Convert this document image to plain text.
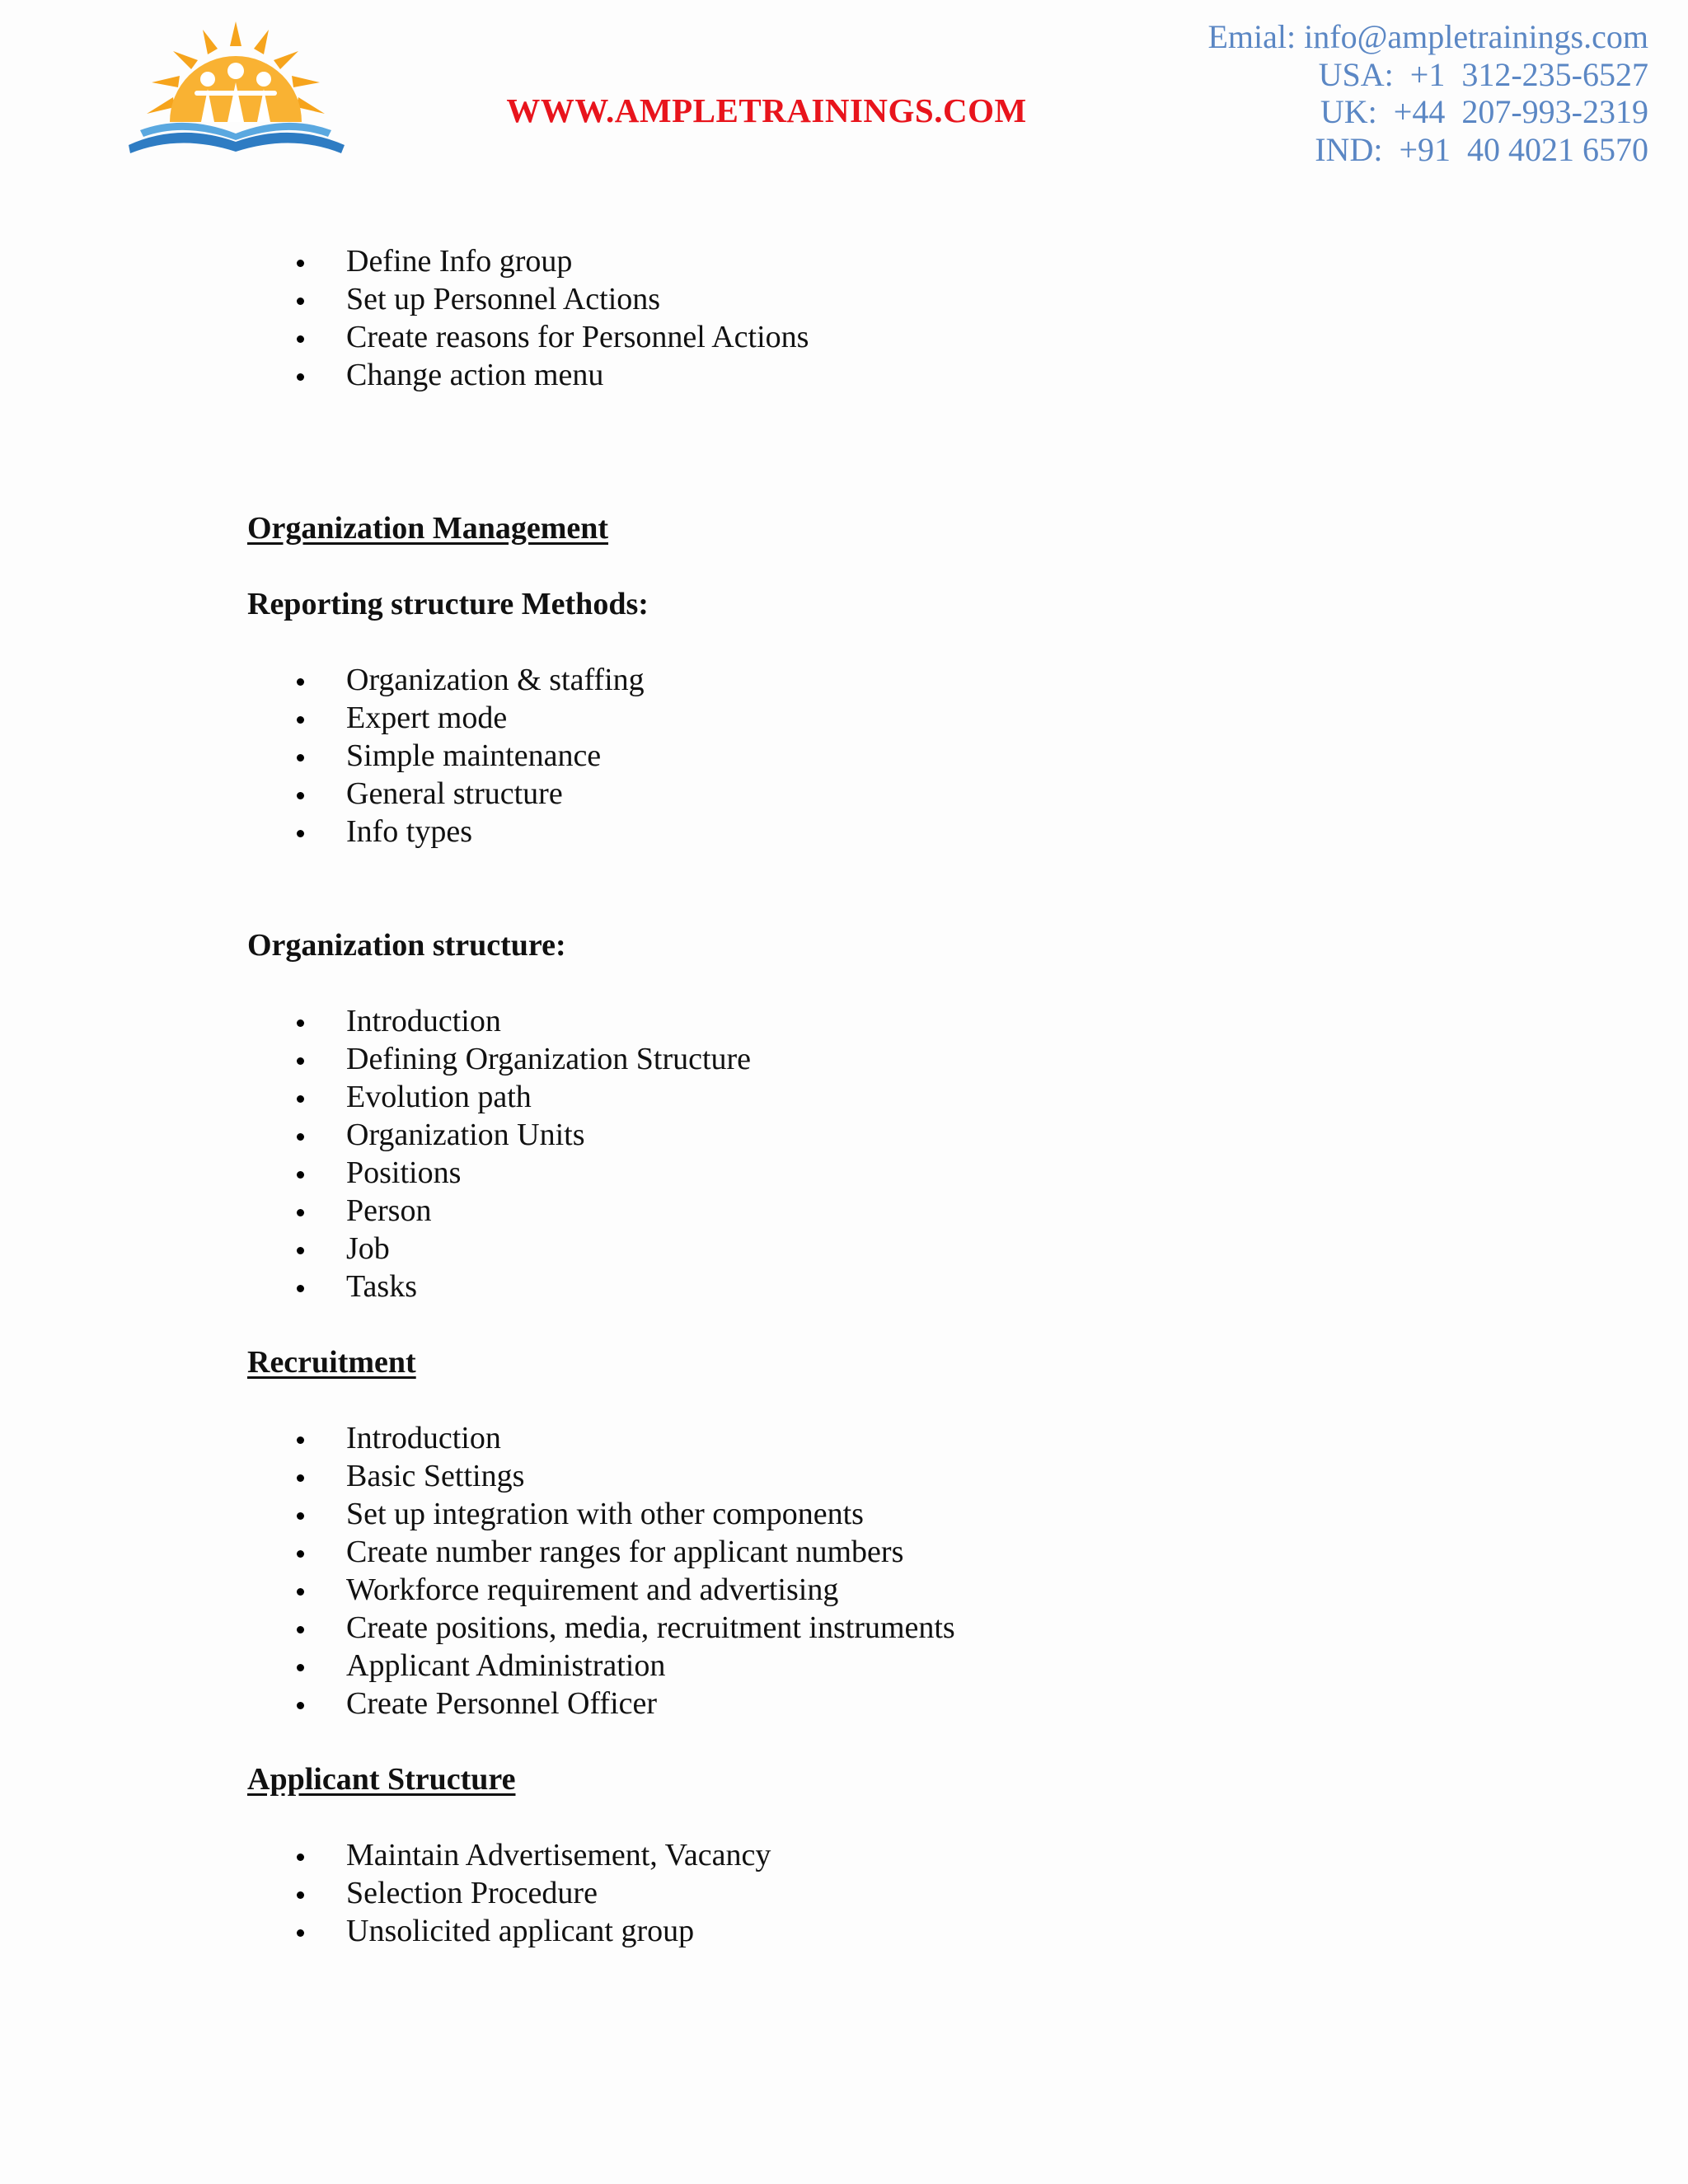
WWW.AMPLETRAININGS.COM
Emial: info@ampletrainings.com
USA:  +1  312-235-6527
UK:  +44  207-993-2319
IND:  +91  40 4021 6570
Define Info group
Set up Personnel Actions
Create reasons for Personnel Actions
Change action menu
Organization Management
Reporting structure Methods:
Organization & staffing
Expert mode
Simple maintenance
General structure
Info types
Organization structure:
Introduction
Defining Organization Structure
Evolution path
Organization Units
Positions
Person
Job
Tasks
Recruitment
Introduction
Basic Settings
Set up integration with other components
Create number ranges for applicant numbers
Workforce requirement and advertising
Create positions, media, recruitment instruments
Applicant Administration
Create Personnel Officer
Applicant Structure
Maintain Advertisement, Vacancy
Selection Procedure
Unsolicited applicant group
